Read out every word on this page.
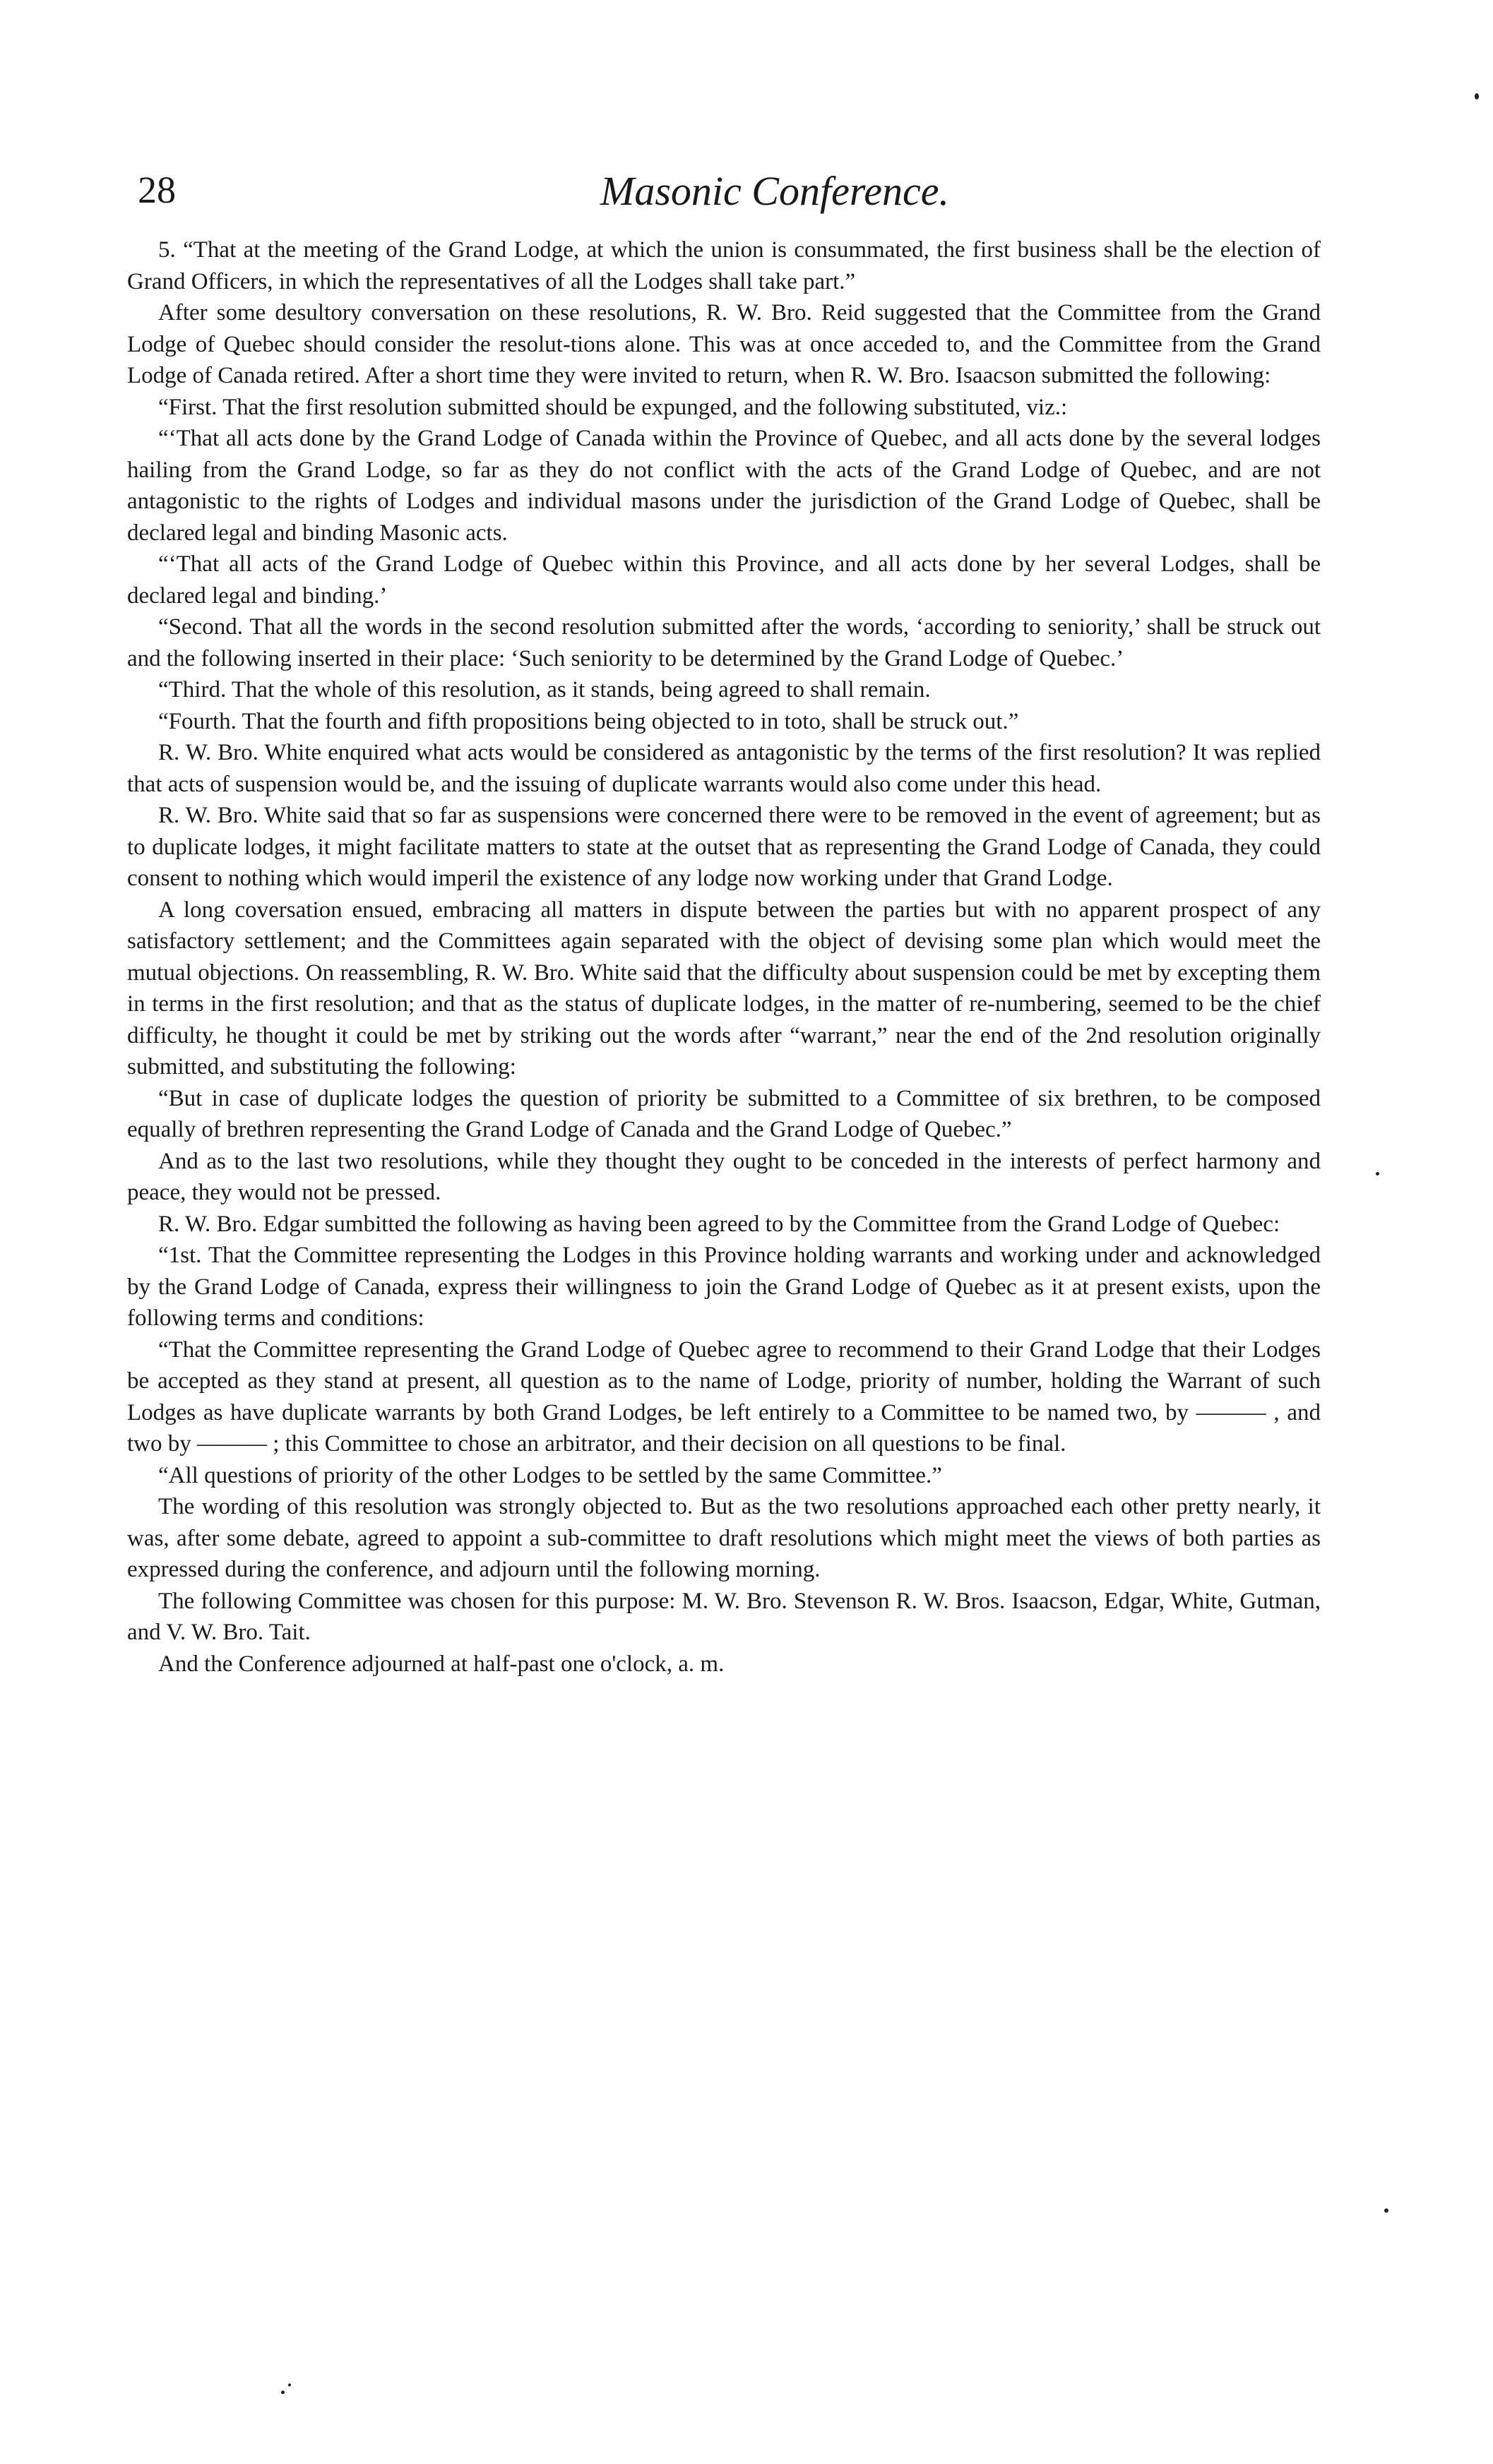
28	Masonic Conference.

5. “That at the meeting of the Grand Lodge, at which the union is consummated, the first business shall be the election of Grand Officers, in which the representatives of all the Lodges shall take part.”

After some desultory conversation on these resolutions, R. W. Bro. Reid suggested that the Committee from the Grand Lodge of Quebec should consider the resolut-tions alone. This was at once acceded to, and the Committee from the Grand Lodge of Canada retired. After a short time they were invited to return, when R. W. Bro. Isaacson submitted the following:

“First. That the first resolution submitted should be expunged, and the following substituted, viz.:

“‘That all acts done by the Grand Lodge of Canada within the Province of Quebec, and all acts done by the several lodges hailing from the Grand Lodge, so far as they do not conflict with the acts of the Grand Lodge of Quebec, and are not antagonistic to the rights of Lodges and individual masons under the jurisdiction of the Grand Lodge of Quebec, shall be declared legal and binding Masonic acts.

“‘That all acts of the Grand Lodge of Quebec within this Province, and all acts done by her several Lodges, shall be declared legal and binding.’

“Second. That all the words in the second resolution submitted after the words, ‘according to seniority,’ shall be struck out and the following inserted in their place: ‘Such seniority to be determined by the Grand Lodge of Quebec.’

“Third. That the whole of this resolution, as it stands, being agreed to shall remain.

“Fourth. That the fourth and fifth propositions being objected to in toto, shall be struck out.”

R. W. Bro. White enquired what acts would be considered as antagonistic by the terms of the first resolution? It was replied that acts of suspension would be, and the issuing of duplicate warrants would also come under this head.

R. W. Bro. White said that so far as suspensions were concerned there were to be removed in the event of agreement; but as to duplicate lodges, it might facilitate matters to state at the outset that as representing the Grand Lodge of Canada, they could consent to nothing which would imperil the existence of any lodge now working under that Grand Lodge.

A long coversation ensued, embracing all matters in dispute between the parties but with no apparent prospect of any satisfactory settlement; and the Committees again separated with the object of devising some plan which would meet the mutual objections. On reassembling, R. W. Bro. White said that the difficulty about suspension could be met by excepting them in terms in the first resolution; and that as the status of duplicate lodges, in the matter of re-numbering, seemed to be the chief difficulty, he thought it could be met by striking out the words after “warrant,” near the end of the 2nd resolution originally submitted, and substituting the following:

“But in case of duplicate lodges the question of priority be submitted to a Committee of six brethren, to be composed equally of brethren representing the Grand Lodge of Canada and the Grand Lodge of Quebec.”

And as to the last two resolutions, while they thought they ought to be conceded in the interests of perfect harmony and peace, they would not be pressed.

R. W. Bro. Edgar sumbitted the following as having been agreed to by the Committee from the Grand Lodge of Quebec:

“1st. That the Committee representing the Lodges in this Province holding warrants and working under and acknowledged by the Grand Lodge of Canada, express their willingness to join the Grand Lodge of Quebec as it at present exists, upon the following terms and conditions:

“That the Committee representing the Grand Lodge of Quebec agree to recommend to their Grand Lodge that their Lodges be accepted as they stand at present, all question as to the name of Lodge, priority of number, holding the Warrant of such Lodges as have duplicate warrants by both Grand Lodges, be left entirely to a Committee to be named two, by ——— , and two by ——— ; this Committee to chose an arbitrator, and their decision on all questions to be final.

“All questions of priority of the other Lodges to be settled by the same Committee.”

The wording of this resolution was strongly objected to. But as the two resolutions approached each other pretty nearly, it was, after some debate, agreed to appoint a sub-committee to draft resolutions which might meet the views of both parties as expressed during the conference, and adjourn until the following morning.

The following Committee was chosen for this purpose: M. W. Bro. Stevenson R. W. Bros. Isaacson, Edgar, White, Gutman, and V. W. Bro. Tait.

And the Conference adjourned at half-past one o'clock, a. m.
